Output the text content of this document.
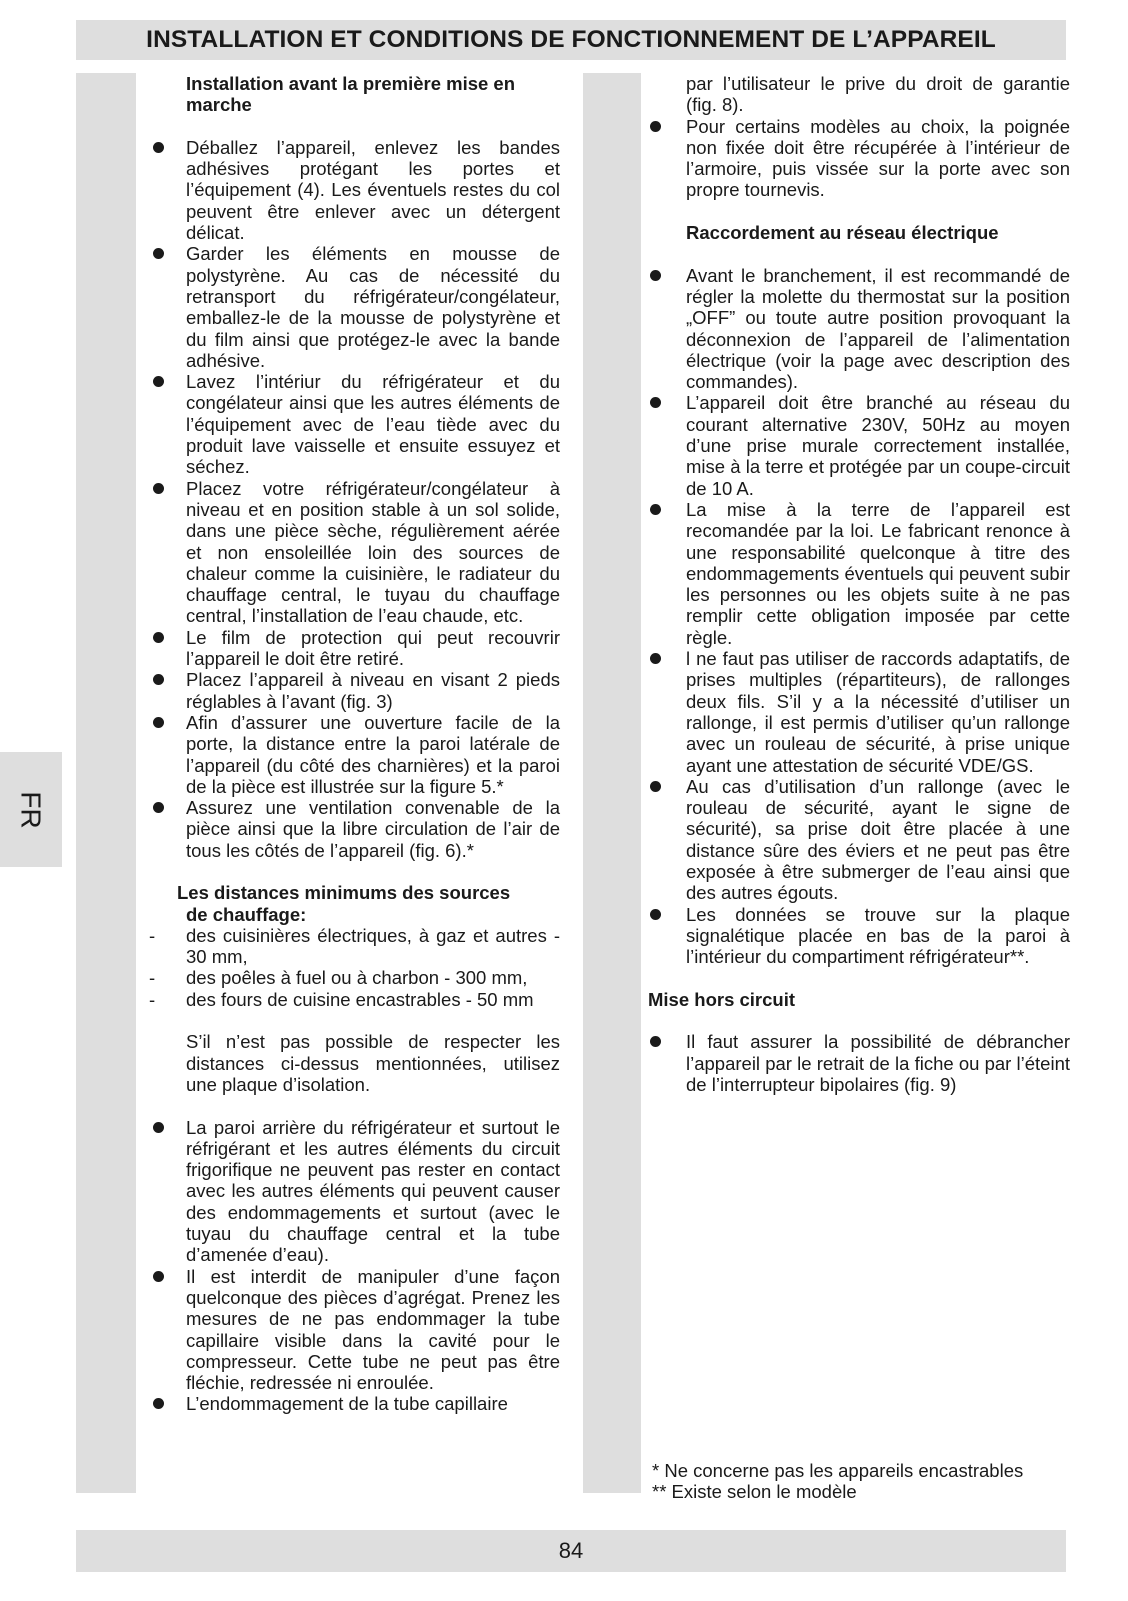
INSTALLATION ET CONDITIONS DE FONCTIONNEMENT DE L’APPAREIL
FR
Installation avant la première mise en marche
Déballez l’appareil, enlevez les bandes adhésives protégant les portes et l’équipement (4). Les éventuels restes du col peuvent être enlever avec un détergent délicat.
Garder les éléments en mousse de polystyrène. Au cas de nécessité du retransport du réfrigérateur/congélateur, emballez-le de la mousse de polystyrène et du film ainsi que protégez-le avec la bande adhésive.
Lavez l’intériur du réfrigérateur et du congélateur ainsi que les autres éléments de l’équipement avec de l’eau tiède avec du produit lave vaisselle et ensuite essuyez et séchez.
Placez votre réfrigérateur/congélateur à niveau et en position stable à un sol solide, dans une pièce sèche, régulièrement aérée et non ensoleillée loin des sources de chaleur comme la cuisinière, le radiateur du chauffage central, le tuyau du chauffage central, l’installation de l’eau chaude, etc.
Le film de protection qui peut recouvrir l’appareil le doit être retiré.
Placez l’appareil à niveau en visant 2 pieds réglables à l’avant (fig. 3)
Afin d’assurer une ouverture facile de la porte, la distance entre la paroi latérale de l’appareil (du côté des charnières) et la paroi de la pièce est illustrée sur la figure 5.*
Assurez une ventilation convenable de la pièce ainsi que la libre circulation de l’air de tous les côtés de l’appareil (fig. 6).*
Les distances minimums des sources
de chauffage:
- des cuisinières électriques, à gaz et autres - 30 mm,
- des poêles à fuel ou à charbon - 300 mm,
- des fours de cuisine encastrables - 50 mm
S’il n’est pas possible de respecter les distances ci-dessus mentionnées, utilisez une plaque d’isolation.
La paroi arrière du réfrigérateur et surtout le réfrigérant et les autres éléments du circuit frigorifique ne peuvent pas rester en contact avec les autres éléments qui peuvent causer des endommagements et surtout (avec le tuyau du chauffage central et la tube d’amenée d’eau).
Il est interdit de manipuler d’une façon quelconque des pièces d’agrégat. Prenez les mesures de ne pas endommager la tube capillaire visible dans la cavité pour le compresseur. Cette tube ne peut pas être fléchie, redressée ni enroulée.
L’endommagement de la tube capillaire
par l’utilisateur le prive du droit de garantie (fig. 8).
Pour certains modèles au choix, la poignée non fixée doit être récupérée à l’intérieur de l’armoire, puis vissée sur la porte avec son propre tournevis.
Raccordement au réseau électrique
Avant le branchement, il est recommandé de régler la molette du thermostat sur la position „OFF” ou toute autre position provoquant la déconnexion de l’appareil de l’alimentation électrique (voir la page avec description des commandes).
L’appareil doit être branché au réseau du courant alternative 230V, 50Hz au moyen d’une prise murale correctement installée, mise à la terre et protégée par un coupe-circuit de 10 A.
La mise à la terre de l’appareil est recomandée par la loi. Le fabricant renonce à une responsabilité quelconque à titre des endommagements éventuels qui peuvent subir les personnes ou les objets suite à ne pas remplir cette obligation imposée par cette règle.
l ne faut pas utiliser de raccords adaptatifs, de prises multiples (répartiteurs), de rallonges deux fils. S’il y a la nécessité d’utiliser un rallonge, il est permis d’utiliser qu’un rallonge avec un rouleau de sécurité, à prise unique ayant une attestation de sécurité VDE/GS.
Au cas d’utilisation d’un rallonge (avec le rouleau de sécurité, ayant le signe de sécurité), sa prise doit être placée à une distance sûre des éviers et ne peut pas être exposée à être submerger de l’eau ainsi que des autres égouts.
Les données se trouve sur la plaque signalétique placée en bas de la paroi à l’intérieur du compartiment réfrigérateur**.
Mise hors circuit
Il faut assurer la possibilité de débrancher l’appareil par le retrait de la fiche ou par l’éteint de l’interrupteur bipolaires (fig. 9)
* Ne concerne pas les appareils encastrables
** Existe selon le modèle
84
